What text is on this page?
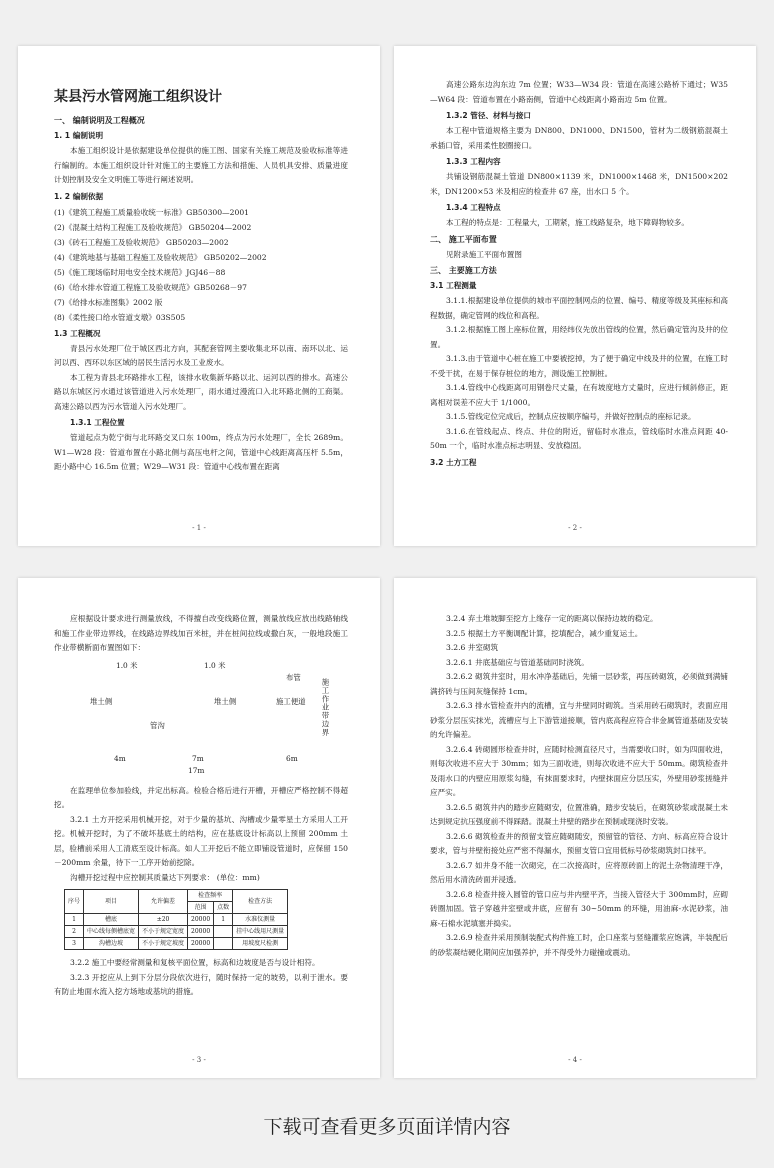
某县污水管网施工组织设计
一、 编制说明及工程概况
1. 1 编制说明

本施工组织设计是依据建设单位提供的施工图、国家有关施工规范及验收标准等进行编制的。本施工组织设计针对施工的主要施工方法和措施、人员机具安排、质量进度计划控制及安全文明施工等进行阐述说明。

1. 2 编制依据

(1)《建筑工程施工质量验收统一标准》GB50300—2001

(2)《混凝土结构工程施工及验收规范》 GB50204—2002

(3)《砖石工程施工及验收规范》 GB50203—2002

(4)《建筑地基与基础工程施工及验收规范》 GB50202—2002

(5)《施工现场临时用电安全技术规范》JGJ46－88

(6)《给水排水管道工程施工及验收规范》GB50268－97

(7)《给排水标准图集》2002 版

(8)《柔性接口给水管道支墩》03S505

1.3 工程概况

青县污水处理厂位于城区西北方向，其配套管网主要收集北环以南、南环以北、运河以西、西环以东区域的居民生活污水及工业废水。

本工程为青县北环路排水工程，该排水收集新华路以北、运河以西的排水。高速公路以东城区污水通过该管道进入污水处理厂，雨水通过漫流口入北环路北侧的工商渠。高速公路以西为污水管道入污水处理厂。

1.3.1 工程位置

管道起点为乾宁街与北环路交叉口东 100m，终点为污水处理厂，全长 2689m。W1—W28 段：管道布置在小路北侧与高压电杆之间，管道中心线距离高压杆 5.5m，距小路中心 16.5m 位置；W29—W31 段：管道中心线布置在距离

- 1 -

高速公路东边沟东边 7m 位置；W33—W34 段：管道在高速公路桥下通过；W35—W64 段：管道布置在小路南侧，管道中心线距离小路南边 5m 位置。

1.3.2 管径、材料与接口

本工程中管道规格主要为 DN800、DN1000、DN1500，管材为二级钢筋混凝土承插口管，采用柔性胶圈接口。

1.3.3 工程内容

共铺设钢筋混凝土管道 DN800×1139 米，DN1000×1468 米，DN1500×202 米，DN1200×53 米及相应的检查井 67 座，出水口 5 个。

1.3.4 工程特点

本工程的特点是：工程量大，工期紧，施工线路复杂，地下障碍物较多。

二、 施工平面布置

见附录施工平面布置图

三、 主要施工方法
3.1 工程测量

3.1.1.根据建设单位提供的城市平面控制网点的位置、编号、精度等级及其座标和高程数据，确定管网的线位和高程。

3.1.2.根据施工图上座标位置，用经纬仪先放出管线的位置，然后确定管沟及井的位置。

3.1.3.由于管道中心桩在施工中要被挖掉，为了便于确定中线及井的位置，在施工时不受干扰，在易于保存桩位的地方，测设施工控制桩。

3.1.4.管线中心线距离可用钢卷尺丈量，在有坡度地方丈量时，应进行倾斜修正，距离相对误差不应大于 1/1000。

3.1.5.管线定位完成后，控制点应按顺序编号，并做好控制点的座标记录。

3.1.6.在管线起点、终点、井位的附近，留临时水准点，管线临时水准点间距 40-50m 一个，临时水准点标志明显、安放稳固。

3.2 土方工程
- 2 -

应根据设计要求进行测量放线，不得擅自改变线路位置，测量放线应放出线路轴线和施工作业带边界线，在线路边界线加百米桩，并在桩间拉线或撒白灰，一般地段施工作业带横断面布置图如下：

1.0 米	1.0 米
布管
堆土侧	堆土侧	施工便道 施工作业带边界
管沟
4m	7m
17m
6m

在监理单位参加验线，并定出标高。检验合格后进行开槽，开槽应严格控制不得超挖。

3.2.1 土方开挖采用机械开挖，对于少量的基坑、沟槽或少量零星土方采用人工开挖。机械开挖时，为了不破坏基底土的结构，应在基底设计标高以上预留 200mm 土层，验槽前采用人工清底至设计标高。如人工开挖后不能立即铺设管道时，应保留 150－200mm 余量，待下一工序开始前挖除。

沟槽开挖过程中应控制其质量达下列要求： (单位：mm)

序号	项目	允许偏差	检查频率		检查方法
			范围	点数	
1	槽底	±20	20000	1	水准仪测量
2	中心线每侧槽底宽	不小于规定宽度	20000		挂中心线用尺测量
3	沟槽边坡	不小于规定坡度	20000		用坡度尺检测

3.2.2 施工中要经常测量和复核平面位置，标高和边坡度是否与设计相符。

3.2.3 开挖应从上到下分层分段依次进行，随时保持一定的坡势，以利于泄水。要有防止地面水流入挖方场地或基坑的措施。

- 3 -

3.2.4 弃土堆坡脚至挖方上缘存一定的距离以保持边坡的稳定。

3.2.5 根据土方平衡调配计算，挖填配合，减少重复运土。

3.2.6 井室砌筑

3.2.6.1 井底基础应与管道基础同时浇筑。

3.2.6.2 砌筑井室时，用水冲净基础后，先铺一层砂浆，再压砖砌筑，必须做到满铺满挤砖与压间灰缝保持 1cm。

3.2.6.3 排水管检查井内的流槽，宜与井壁同时砌筑。当采用砖石砌筑时，表面应用砂浆分层压实抹光，流槽应与上下游管道接顺，管内底高程应符合非金属管道基础及安装的允许偏差。

3.2.6.4 砖砌圆形检查井时，应随时检测直径尺寸，当需要收口时，如为四面收进，则每次收进不应大于 30mm；如为三面收进，则每次收进不应大于 50mm。砌筑检查井及雨水口的内壁应用原浆勾缝，有抹面要求时，内壁抹面应分层压实，外壁用砂浆搓缝并应严实。

3.2.6.5 砌筑井内的踏步应随砌安，位置准确，踏步安装后，在砌筑砂浆或混凝土未达到规定抗压强度前不得踩踏。混凝土井壁的踏步在预制或现浇时安装。

3.2.6.6 砌筑检查井的预留支管应随砌随安，预留管的管径、方向、标高应符合设计要求，管与井壁衔接处应严密不得漏水，预留支管口宜用低标号砂浆砌筑封口抹平。

3.2.6.7 如井身不能一次砌完，在二次接高时，应将原砖面上的泥土杂物清理干净，然后用水清洗砖面并浸透。

3.2.6.8 检查井接入圆管的管口应与井内壁平齐，当接入管径大于 300mm时，应砌砖圈加固。管子穿越井室壁或井底，应留有 30~50mm 的环缝，用油麻-水泥砂浆，油麻-石棉水泥填塞并捣实。

3.2.6.9 检查井采用预制装配式构件施工时，企口座浆与竖缝灌浆应饱满，半装配后的砂浆凝结硬化期间应加强养护，并不得受外力碰撞或震动。

- 4 -
下载可查看更多页面详情内容
